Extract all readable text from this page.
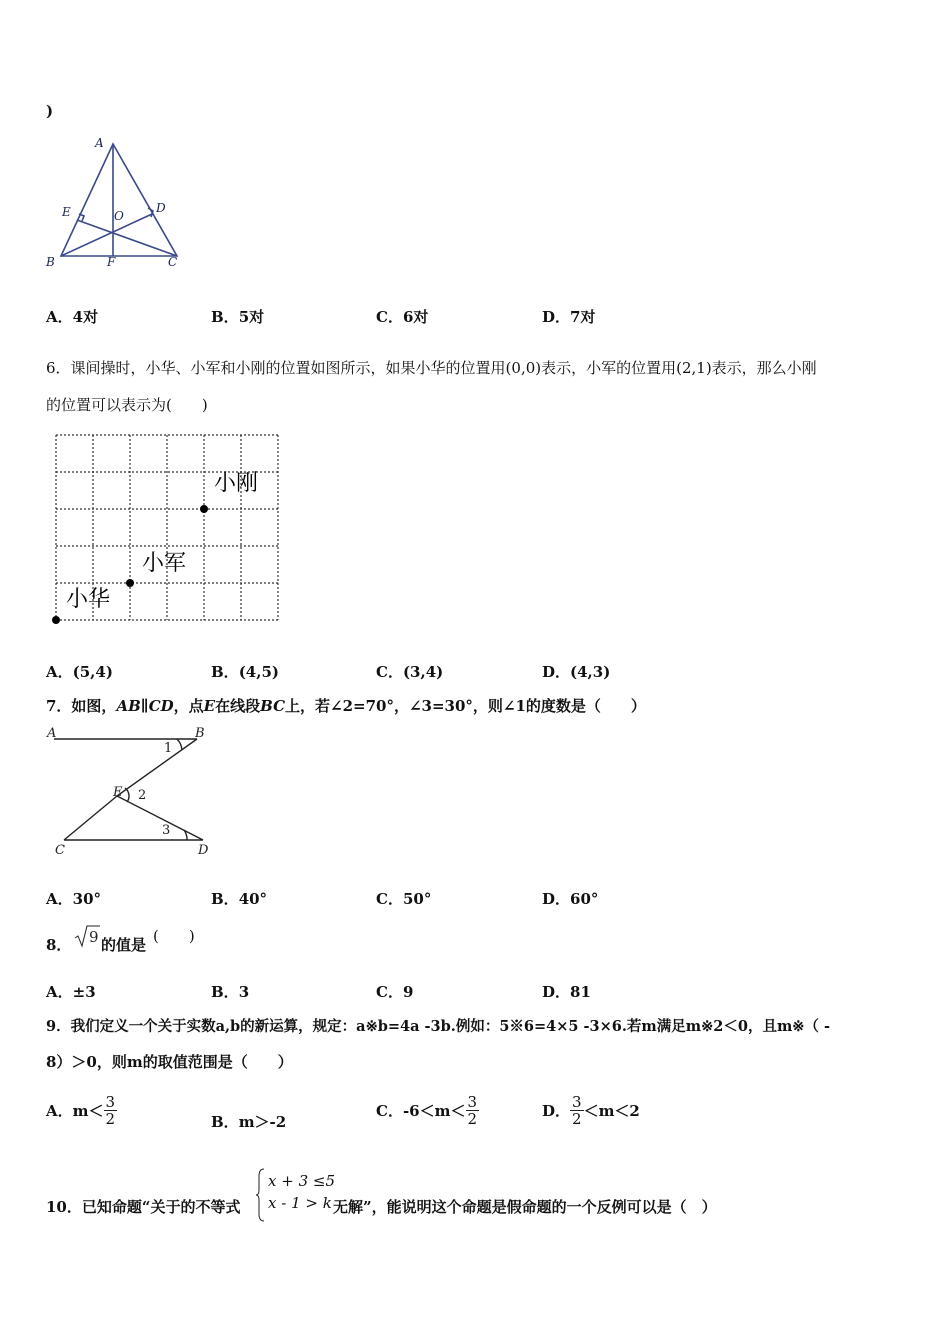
)
A
B	C
D
E
F
O
A．4对	B．5对	C．6对	D．7对
6．课间操时，小华、小军和小刚的位置如图所示，如果小华的位置用(0,0)表示，小军的位置用(2,1)表示，那么小刚
的位置可以表示为(　　)
小刚
小军
小华
A．(5,4)	B．(4,5)	C．(3,4)	D．(4,3)
7．如图，AB∥CD，点E在线段BC上，若∠2=70°，∠3=30°，则∠1的度数是（　　）
A	B
C	D
E
1
2
3
A．30°	B．40°	C．50°	D．60°
8． 9 的值是 (　　)
A．±3	B．3	C．9	D．81
9．我们定义一个关于实数a,b的新运算，规定：a※b=4a -3b.例如：5※6=4×5 -3×6.若m满足m※2＜0，且m※（ -
8）＞0，则m的取值范围是（　　）
A． $m< \frac{3}{2}$	B．m＞-2
C． $-6<m< \frac{3}{2}$	D． $\frac{3}{2} <m<2$
10．已知命题“关于的不等式
x + 3 ≤5
x - 1 > k 无解”，能说明这个命题是假命题的一个反例可以是（　）
